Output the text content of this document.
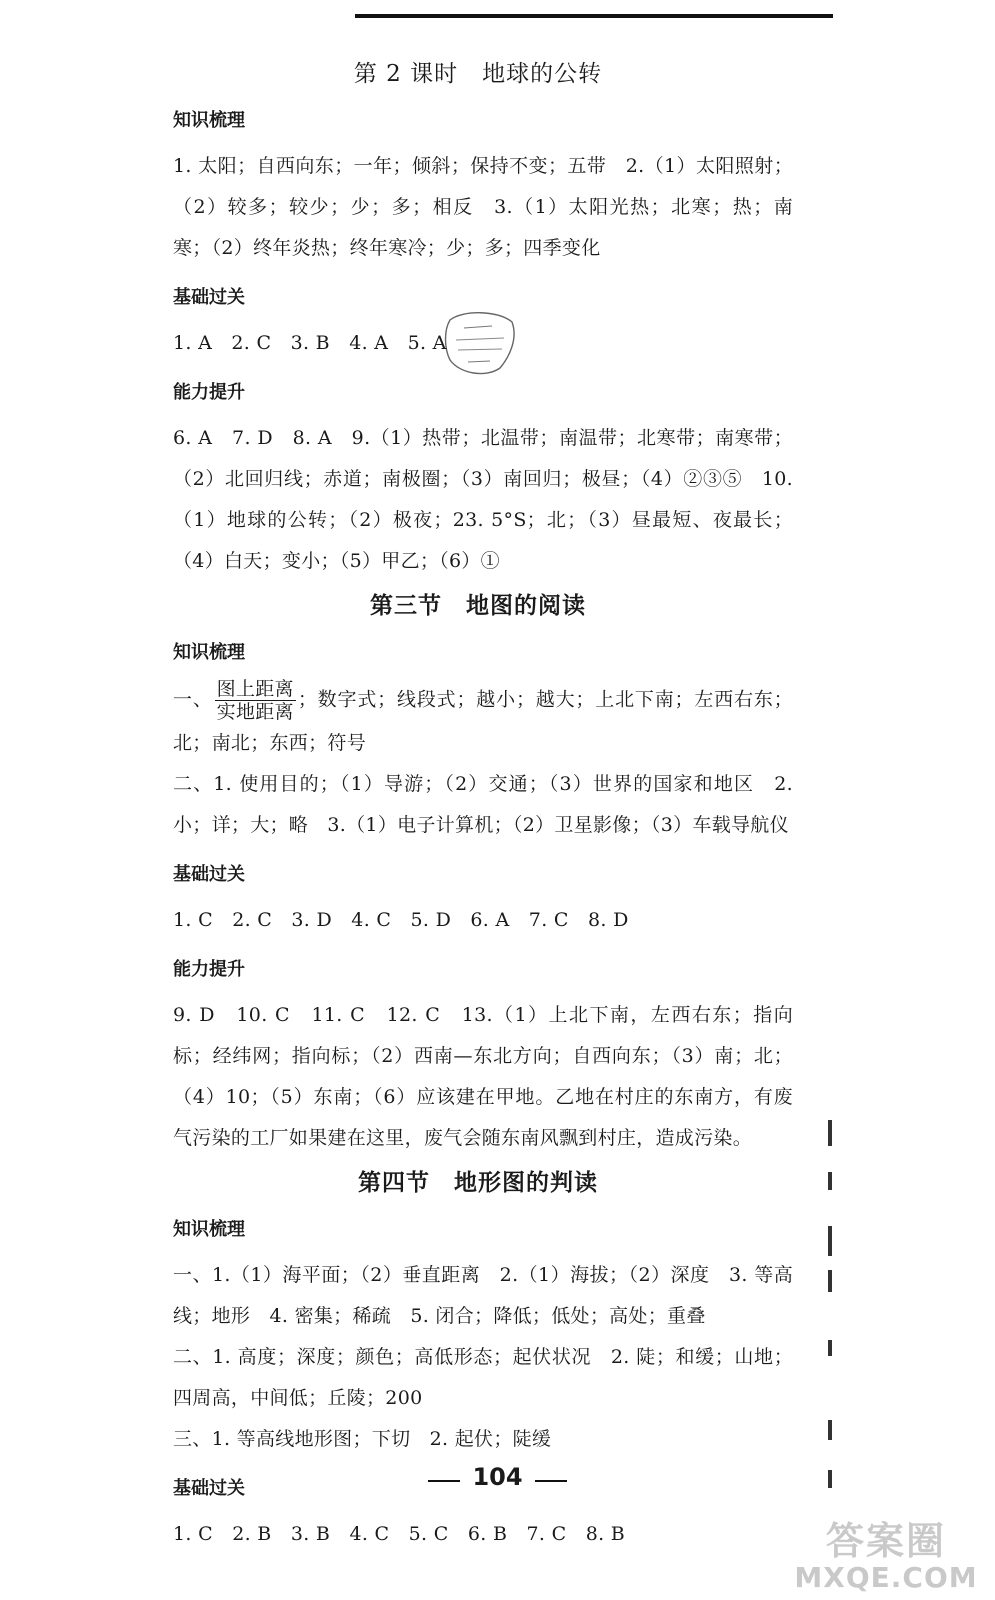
第 2 课时　地球的公转
知识梳理

1. 太阳；自西向东；一年；倾斜；保持不变；五带　2.（1）太阳照射；（2）较多；较少；少；多；相反　3.（1）太阳光热；北寒；热；南寒；（2）终年炎热；终年寒冷；少；多；四季变化

基础过关

1. A　2. C　3. B　4. A　5. A

能力提升

6. A　7. D　8. A　9.（1）热带；北温带；南温带；北寒带；南寒带；（2）北回归线；赤道；南极圈；（3）南回归；极昼；（4）②③⑤　10.（1）地球的公转；（2）极夜；23. 5°S；北；（3）昼最短、夜最长；（4）白天；变小；（5）甲乙；（6）①

第三节　地图的阅读
知识梳理

一、 $\frac{\text{图上距离}}{\text{实地距离}}$ ；数字式；线段式；越小；越大；上北下南；左西右东；北；南北；东西；符号

二、1. 使用目的；（1）导游；（2）交通；（3）世界的国家和地区　2. 小；详；大；略　3.（1）电子计算机；（2）卫星影像；（3）车载导航仪

基础过关

1. C　2. C　3. D　4. C　5. D　6. A　7. C　8. D

能力提升

9. D　10. C　11. C　12. C　13.（1）上北下南，左西右东；指向标；经纬网；指向标；（2）西南—东北方向；自西向东；（3）南；北；（4）10；（5）东南；（6）应该建在甲地。乙地在村庄的东南方，有废气污染的工厂如果建在这里，废气会随东南风飘到村庄，造成污染。

第四节　地形图的判读
知识梳理

一、1.（1）海平面；（2）垂直距离　2.（1）海拔；（2）深度　3. 等高线；地形　4. 密集；稀疏　5. 闭合；降低；低处；高处；重叠

二、1. 高度；深度；颜色；高低形态；起伏状况　2. 陡；和缓；山地；四周高，中间低；丘陵；200

三、1. 等高线地形图；下切　2. 起伏；陡缓

基础过关

1. C　2. B　3. B　4. C　5. C　6. B　7. C　8. B

104
答案圈
MXQE.COM
